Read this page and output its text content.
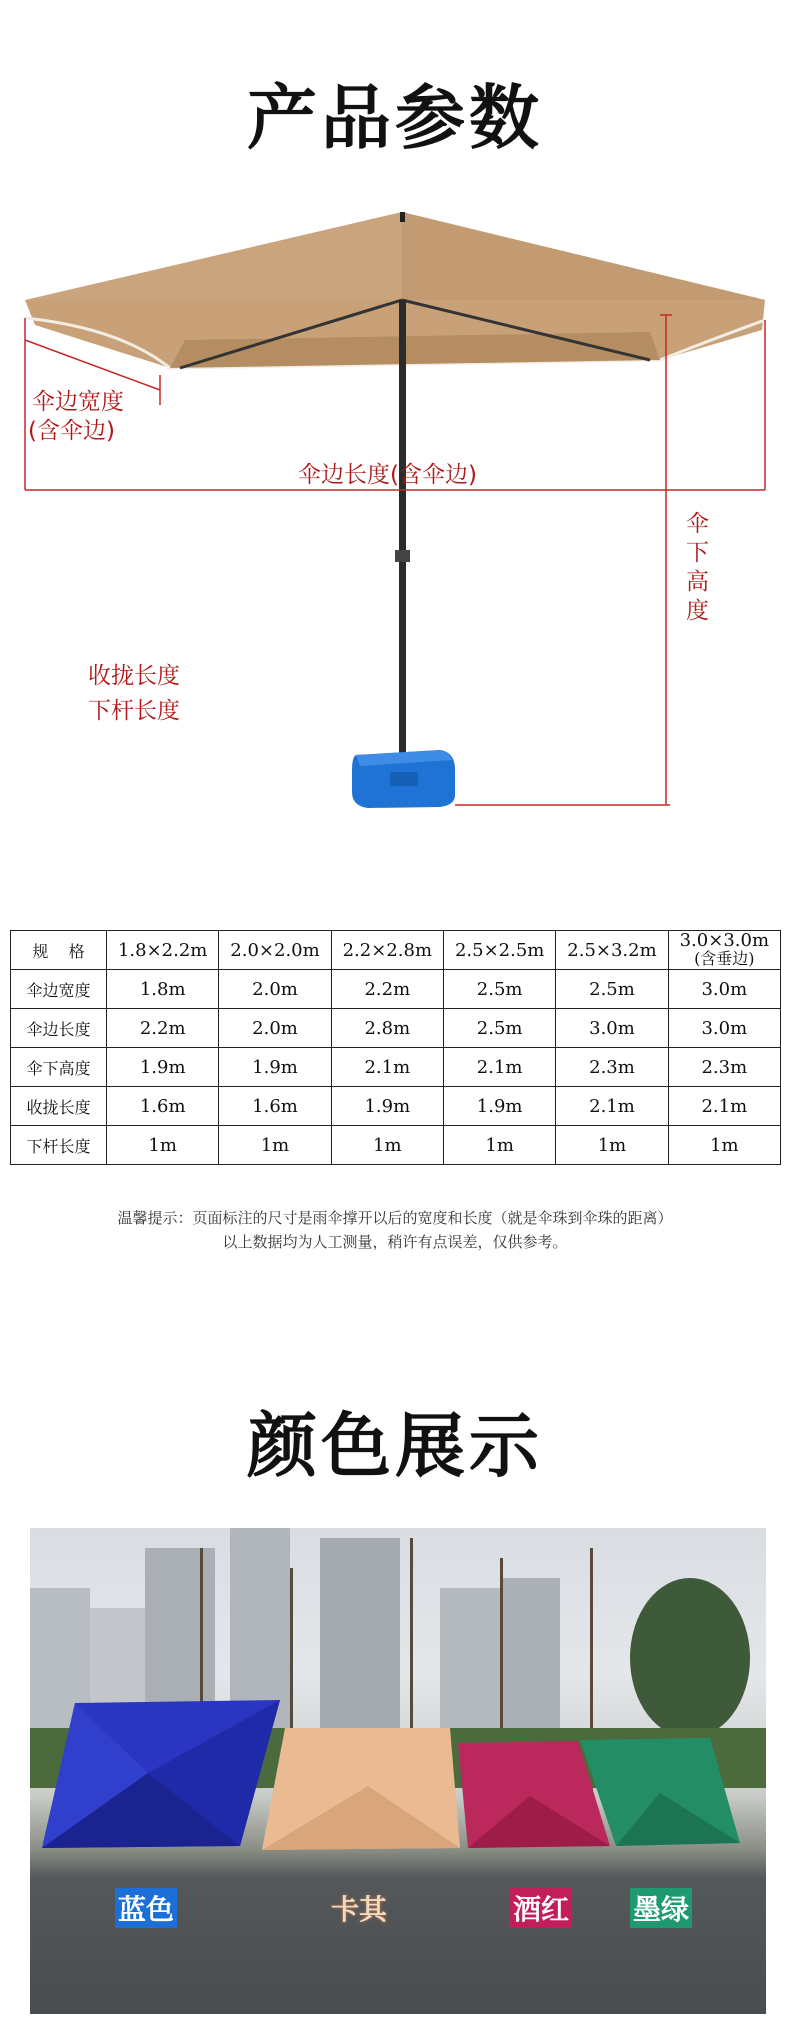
产品参数
伞边宽度
(含伞边)
伞边长度(含伞边)
伞
下
高
度
收拢长度
下杆长度
规    格	1.8×2.2m	2.0×2.0m	2.2×2.8m	2.5×2.5m	2.5×3.2m	3.0×3.0m
(含垂边)

伞边宽度	1.8m	2.0m	2.2m	2.5m	2.5m	3.0m
伞边长度	2.2m	2.0m	2.8m	2.5m	3.0m	3.0m
伞下高度	1.9m	1.9m	2.1m	2.1m	2.3m	2.3m
收拢长度	1.6m	1.6m	1.9m	1.9m	2.1m	2.1m
下杆长度	1m	1m	1m	1m	1m	1m
温馨提示：页面标注的尺寸是雨伞撑开以后的宽度和长度（就是伞珠到伞珠的距离）
以上数据均为人工测量，稍许有点误差，仅供参考。
颜色展示
蓝色	卡其	酒红 墨绿
